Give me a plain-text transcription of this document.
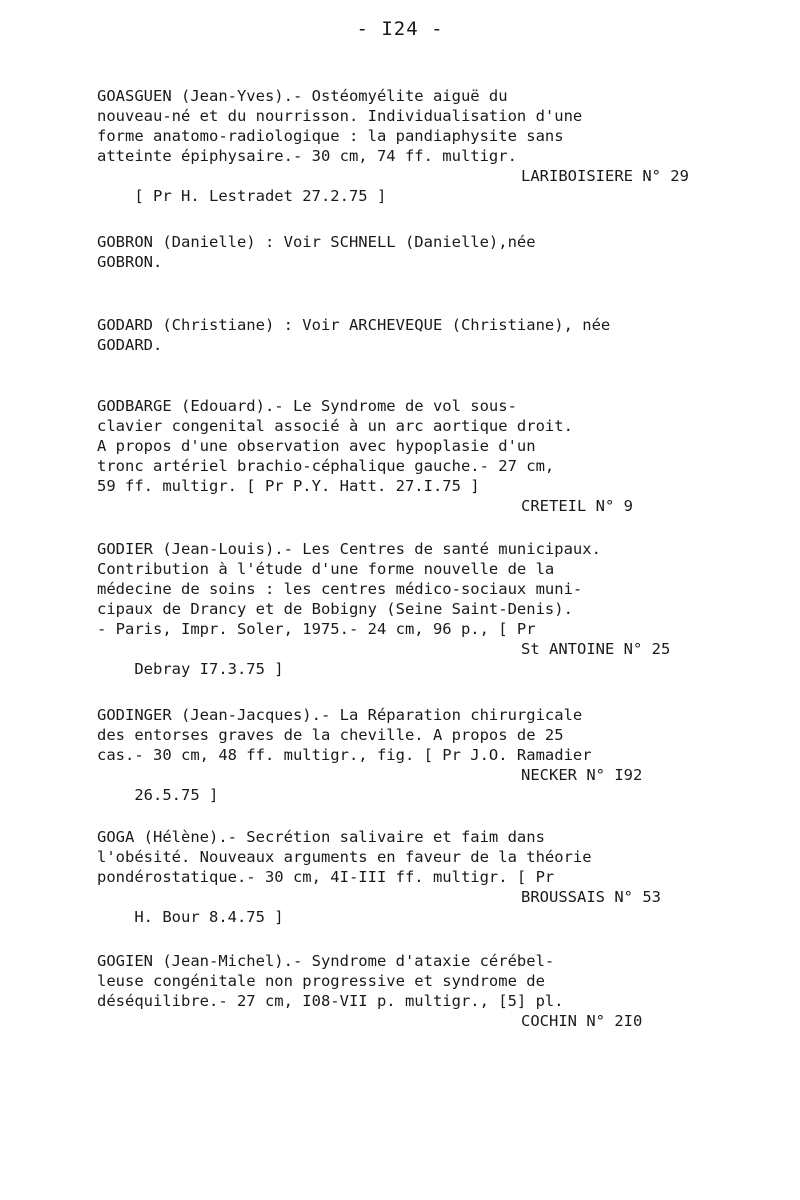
- I24 -
GOASGUEN (Jean-Yves).- Ostéomyélite aiguë du
nouveau-né et du nourrisson. Individualisation d'une
forme anatomo-radiologique : la pandiaphysite sans
atteinte épiphysaire.- 30 cm, 74 ff. multigr.

[ Pr H. Lestradet 27.2.75 ]

LARIBOISIERE N° 29

GOBRON (Danielle) : Voir SCHNELL (Danielle),née
GOBRON.
GODARD (Christiane) : Voir ARCHEVEQUE (Christiane), née
GODARD.
GODBARGE (Edouard).- Le Syndrome de vol sous-
clavier congenital associé à un arc aortique droit.
A propos d'une observation avec hypoplasie d'un
tronc artériel brachio-céphalique gauche.- 27 cm,
59 ff. multigr. [ Pr P.Y. Hatt. 27.I.75 ]

CRETEIL N° 9

GODIER (Jean-Louis).- Les Centres de santé municipaux.
Contribution à l'étude d'une forme nouvelle de la
médecine de soins : les centres médico-sociaux muni-
cipaux de Drancy et de Bobigny (Seine Saint-Denis).
- Paris, Impr. Soler, 1975.- 24 cm, 96 p., [ Pr

Debray I7.3.75 ]

St ANTOINE N° 25

GODINGER (Jean-Jacques).- La Réparation chirurgicale
des entorses graves de la cheville. A propos de 25
cas.- 30 cm, 48 ff. multigr., fig. [ Pr J.O. Ramadier

26.5.75 ]

NECKER N° I92

GOGA (Hélène).- Secrétion salivaire et faim dans
l'obésité. Nouveaux arguments en faveur de la théorie
pondérostatique.- 30 cm, 4I-III ff. multigr. [ Pr

H. Bour 8.4.75 ]

BROUSSAIS N° 53

GOGIEN (Jean-Michel).- Syndrome d'ataxie cérébel-
leuse congénitale non progressive et syndrome de
déséquilibre.- 27 cm, I08-VII p. multigr., [5] pl.

COCHIN N° 2I0
